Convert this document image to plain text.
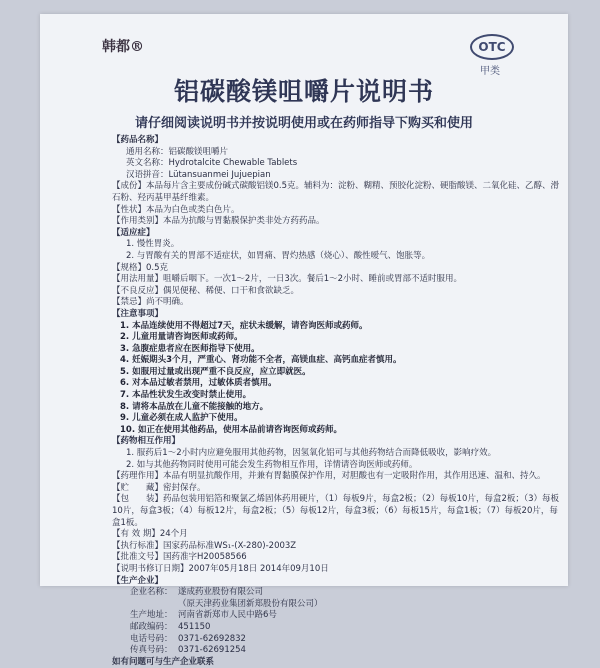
韩都®	OTC
甲类
铝碳酸镁咀嚼片说明书
请仔细阅读说明书并按说明使用或在药师指导下购买和使用
【药品名称】
通用名称：铝碳酸镁咀嚼片
英文名称：Hydrotalcite Chewable Tablets
汉语拼音：Lütansuanmei Jujuepian
【成份】本品每片含主要成份碱式碳酸铝镁0.5克。辅料为：淀粉、糊精、预胶化淀粉、硬脂酸镁、二氧化硅、乙醇、滑石粉、羟丙基甲基纤维素。
【性状】本品为白色或类白色片。
【作用类别】本品为抗酸与胃黏膜保护类非处方药药品。
【适应症】
1. 慢性胃炎。
2. 与胃酸有关的胃部不适症状，如胃痛、胃灼热感（烧心）、酸性嗳气、饱胀等。
【规格】0.5克
【用法用量】咀嚼后咽下。一次1～2片，一日3次。餐后1～2小时、睡前或胃部不适时服用。
【不良反应】偶见便秘、稀便、口干和食欲缺乏。
【禁忌】尚不明确。
【注意事项】
1. 本品连续使用不得超过7天，症状未缓解，请咨询医师或药师。
2. 儿童用量请咨询医师或药师。
3. 急腹症患者应在医师指导下使用。
4. 妊娠期头3个月，严重心、肾功能不全者，高镁血症、高钙血症者慎用。
5. 如服用过量或出现严重不良反应，应立即就医。
6. 对本品过敏者禁用，过敏体质者慎用。
7. 本品性状发生改变时禁止使用。
8. 请将本品放在儿童不能接触的地方。
9. 儿童必须在成人监护下使用。
10. 如正在使用其他药品，使用本品前请咨询医师或药师。
【药物相互作用】
1. 服药后1～2小时内应避免服用其他药物，因氢氧化铝可与其他药物结合而降低吸收，影响疗效。
2. 如与其他药物同时使用可能会发生药物相互作用，详情请咨询医师或药师。
【药理作用】本品有明显抗酸作用，并兼有胃黏膜保护作用，对胆酸也有一定吸附作用，其作用迅速、温和、持久。
【贮　　藏】密封保存。
【包　　装】药品包装用铝箔和聚氯乙烯固体药用硬片，（1）每板9片，每盒2板；（2）每板10片，每盒2板；（3）每板10片，每盒3板；（4）每板12片，每盒2板；（5）每板12片，每盒3板；（6）每板15片，每盒1板；（7）每板20片，每盒1板。
【有 效 期】24个月
【执行标准】国家药品标准WS₁-(X-280)-2003Z
【批准文号】国药准字H20058566
【说明书修订日期】2007年05月18日 2014年09月10日
【生产企业】
企业名称： 遂成药业股份有限公司
（原天津药业集团新郑股份有限公司）
生产地址： 河南省新郑市人民中路6号
邮政编码： 451150
电话号码： 0371-62692832
传真号码： 0371-62691254
如有问题可与生产企业联系
